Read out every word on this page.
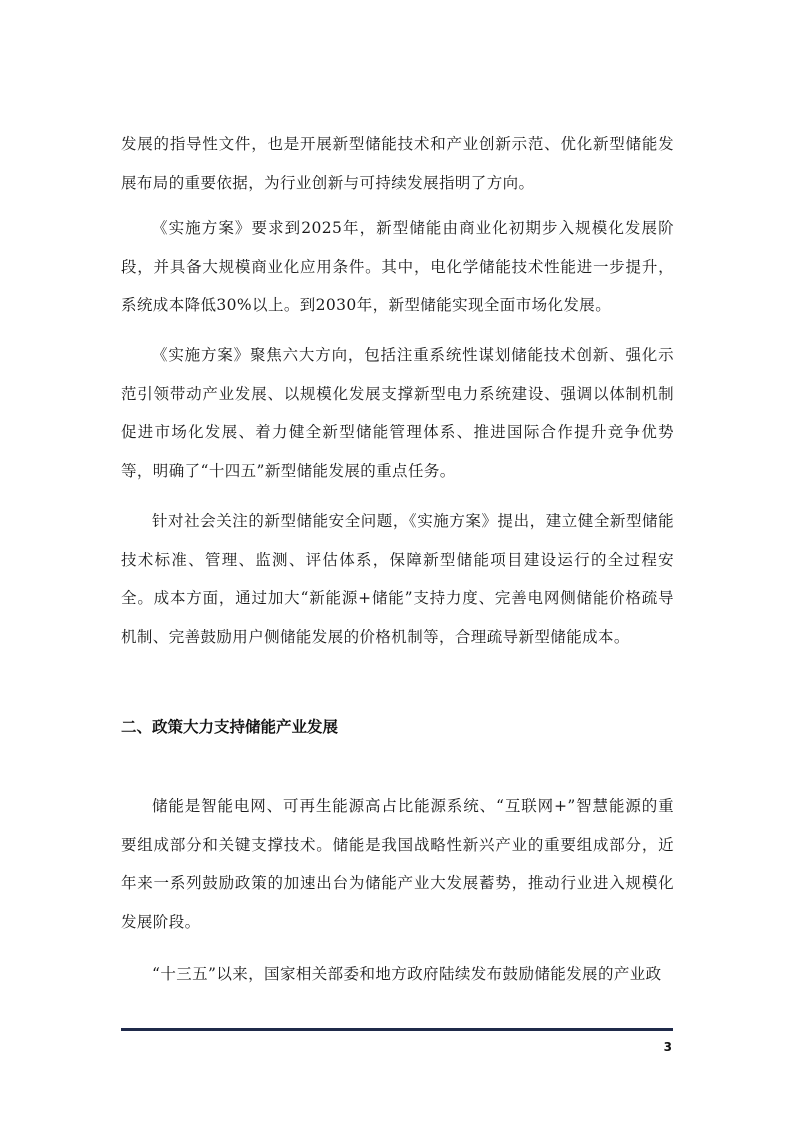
发展的指导性文件，也是开展新型储能技术和产业创新示范、优化新型储能发展布局的重要依据，为行业创新与可持续发展指明了方向。

《实施方案》要求到2025年，新型储能由商业化初期步入规模化发展阶段，并具备大规模商业化应用条件。其中，电化学储能技术性能进一步提升，系统成本降低30%以上。到2030年，新型储能实现全面市场化发展。

《实施方案》聚焦六大方向，包括注重系统性谋划储能技术创新、强化示范引领带动产业发展、以规模化发展支撑新型电力系统建设、强调以体制机制促进市场化发展、着力健全新型储能管理体系、推进国际合作提升竞争优势等，明确了“十四五”新型储能发展的重点任务。

针对社会关注的新型储能安全问题，《实施方案》提出，建立健全新型储能技术标准、管理、监测、评估体系，保障新型储能项目建设运行的全过程安全。成本方面，通过加大“新能源+储能”支持力度、完善电网侧储能价格疏导机制、完善鼓励用户侧储能发展的价格机制等，合理疏导新型储能成本。

二、政策大力支持储能产业发展

储能是智能电网、可再生能源高占比能源系统、“互联网+”智慧能源的重要组成部分和关键支撑技术。储能是我国战略性新兴产业的重要组成部分，近年来一系列鼓励政策的加速出台为储能产业大发展蓄势，推动行业进入规模化发展阶段。

“十三五”以来，国家相关部委和地方政府陆续发布鼓励储能发展的产业政

3
